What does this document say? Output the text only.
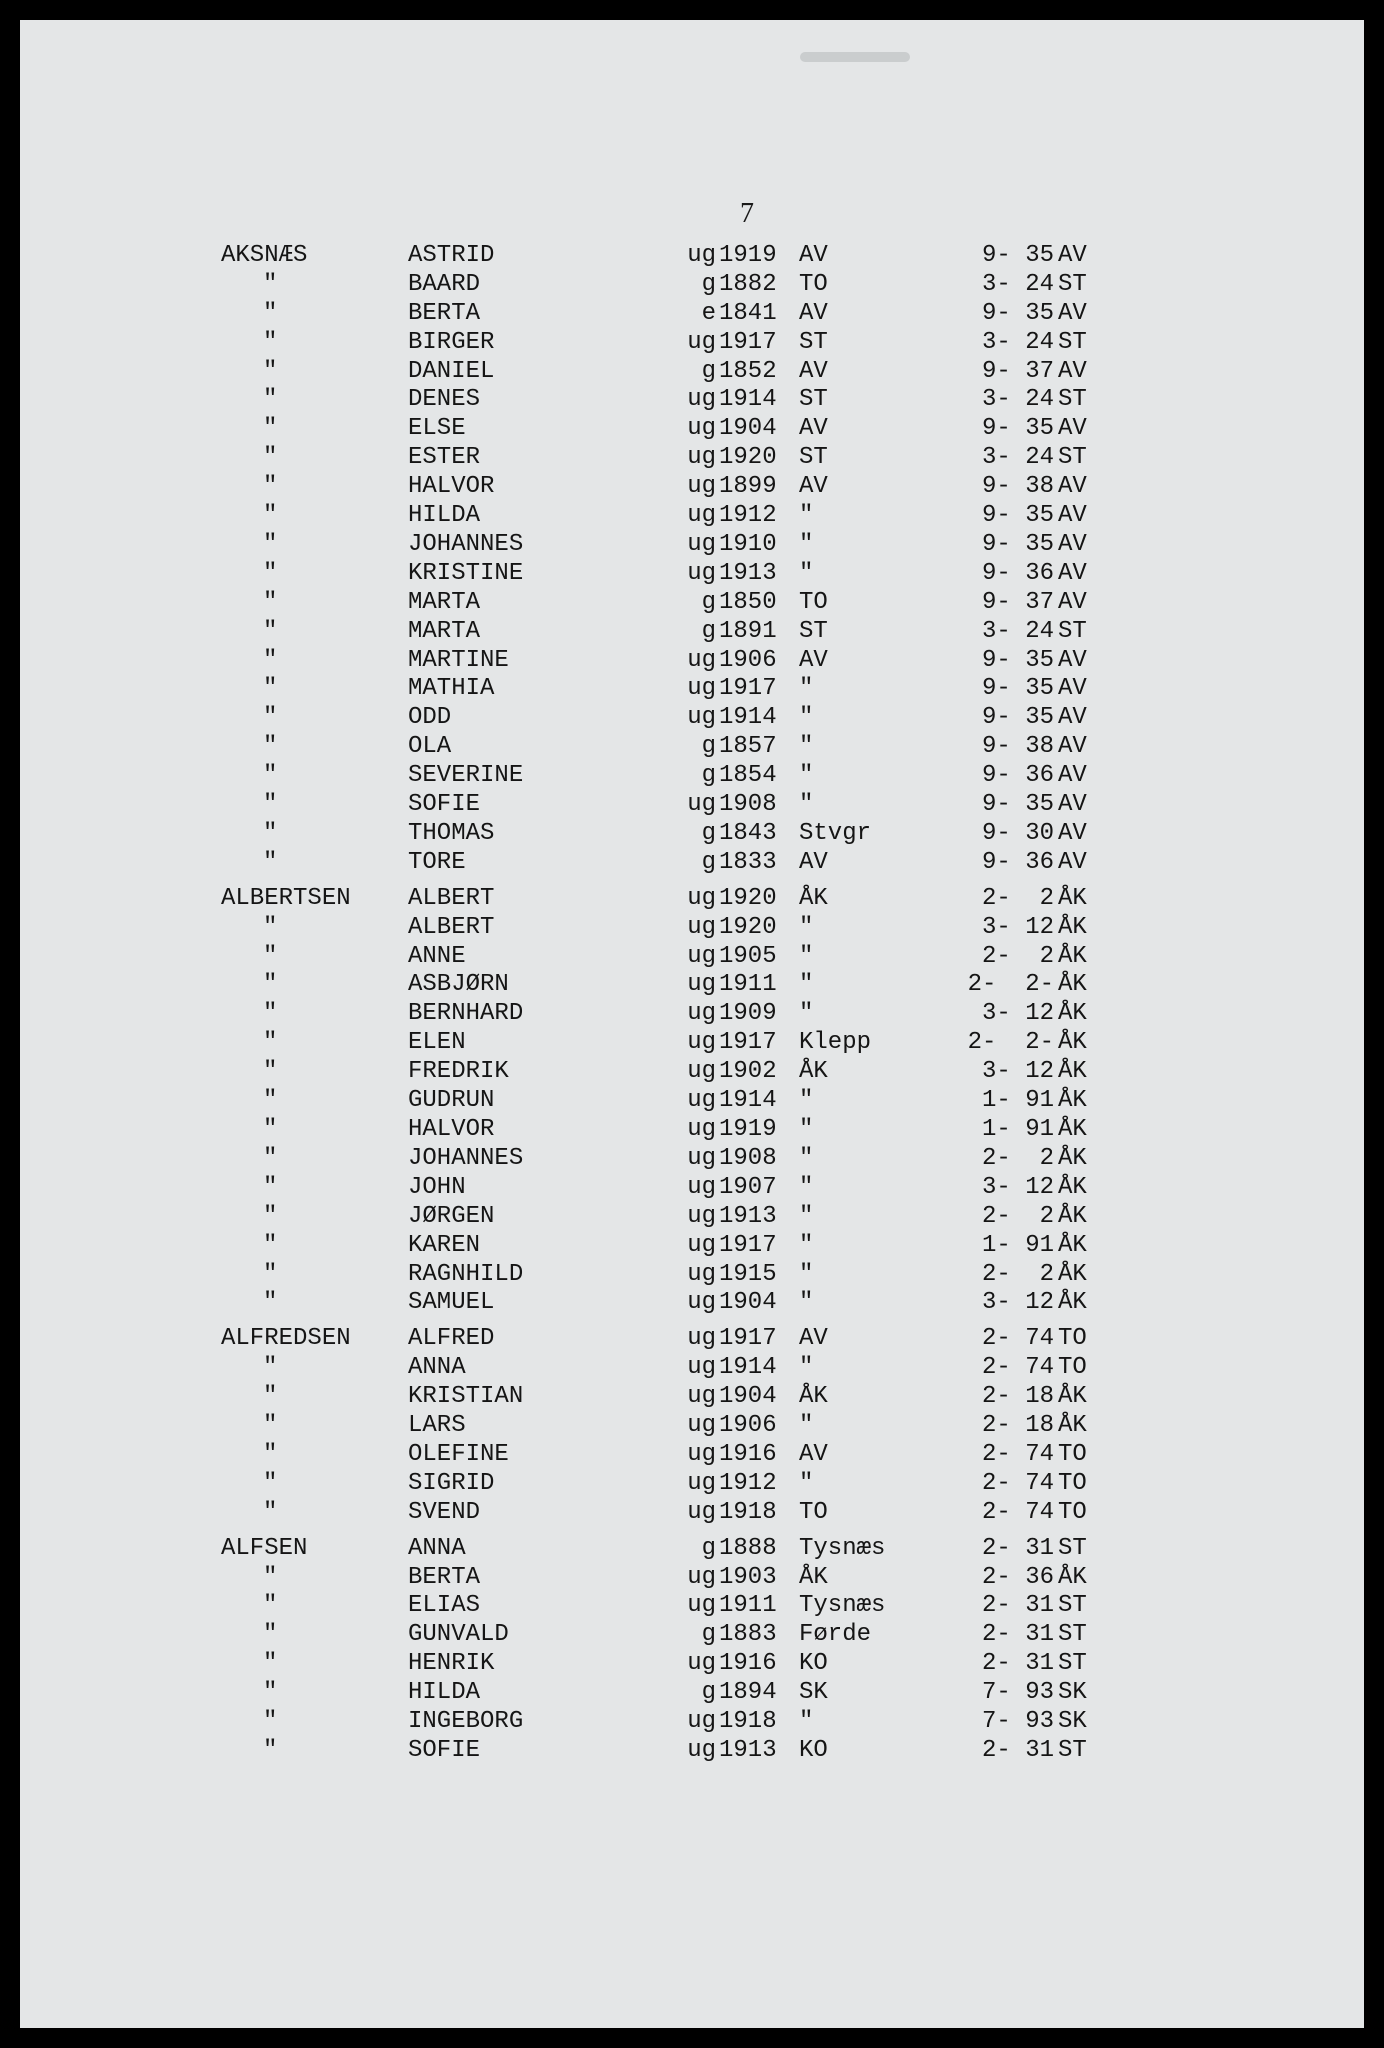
7
AKSNÆS	ASTRID	ug 1919 AV	9- 35 AV
"	BAARD	g 1882 TO	3- 24 ST
"	BERTA	e 1841 AV	9- 35 AV
"	BIRGER	ug 1917 ST	3- 24 ST
"	DANIEL	g 1852 AV	9- 37 AV
"	DENES	ug 1914 ST	3- 24 ST
"	ELSE	ug 1904 AV	9- 35 AV
"	ESTER	ug 1920 ST	3- 24 ST
"	HALVOR	ug 1899 AV	9- 38 AV
"	HILDA	ug 1912 "	9- 35 AV
"	JOHANNES	ug 1910 "	9- 35 AV
"	KRISTINE	ug 1913 "	9- 36 AV
"	MARTA	g 1850 TO	9- 37 AV
"	MARTA	g 1891 ST	3- 24 ST
"	MARTINE	ug 1906 AV	9- 35 AV
"	MATHIA	ug 1917 "	9- 35 AV
"	ODD	ug 1914 "	9- 35 AV
"	OLA	g 1857 "	9- 38 AV
"	SEVERINE	g 1854 "	9- 36 AV
"	SOFIE	ug 1908 "	9- 35 AV
"	THOMAS	g 1843 Stvgr	9- 30 AV
"	TORE	g 1833 AV	9- 36 AV
ALBERTSEN ALBERT	ug 1920 ÅK	2-  2 ÅK
"	ALBERT	ug 1920 "	3- 12 ÅK
"	ANNE	ug 1905 "	2-  2 ÅK
"	ASBJØRN	ug 1911 "	2-  2- ÅK
"	BERNHARD	ug 1909 "	3- 12 ÅK
"	ELEN	ug 1917 Klepp	2-  2- ÅK
"	FREDRIK	ug 1902 ÅK	3- 12 ÅK
"	GUDRUN	ug 1914 "	1- 91 ÅK
"	HALVOR	ug 1919 "	1- 91 ÅK
"	JOHANNES	ug 1908 "	2-  2 ÅK
"	JOHN	ug 1907 "	3- 12 ÅK
"	JØRGEN	ug 1913 "	2-  2 ÅK
"	KAREN	ug 1917 "	1- 91 ÅK
"	RAGNHILD	ug 1915 "	2-  2 ÅK
"	SAMUEL	ug 1904 "	3- 12 ÅK
ALFREDSEN ALFRED	ug 1917 AV	2- 74 TO
"	ANNA	ug 1914 "	2- 74 TO
"	KRISTIAN	ug 1904 ÅK	2- 18 ÅK
"	LARS	ug 1906 "	2- 18 ÅK
"	OLEFINE	ug 1916 AV	2- 74 TO
"	SIGRID	ug 1912 "	2- 74 TO
"	SVEND	ug 1918 TO	2- 74 TO
ALFSEN	ANNA	g 1888 Tysnæs	2- 31 ST
"	BERTA	ug 1903 ÅK	2- 36 ÅK
"	ELIAS	ug 1911 Tysnæs	2- 31 ST
"	GUNVALD	g 1883 Førde	2- 31 ST
"	HENRIK	ug 1916 KO	2- 31 ST
"	HILDA	g 1894 SK	7- 93 SK
"	INGEBORG	ug 1918 "	7- 93 SK
"	SOFIE	ug 1913 KO	2- 31 ST
